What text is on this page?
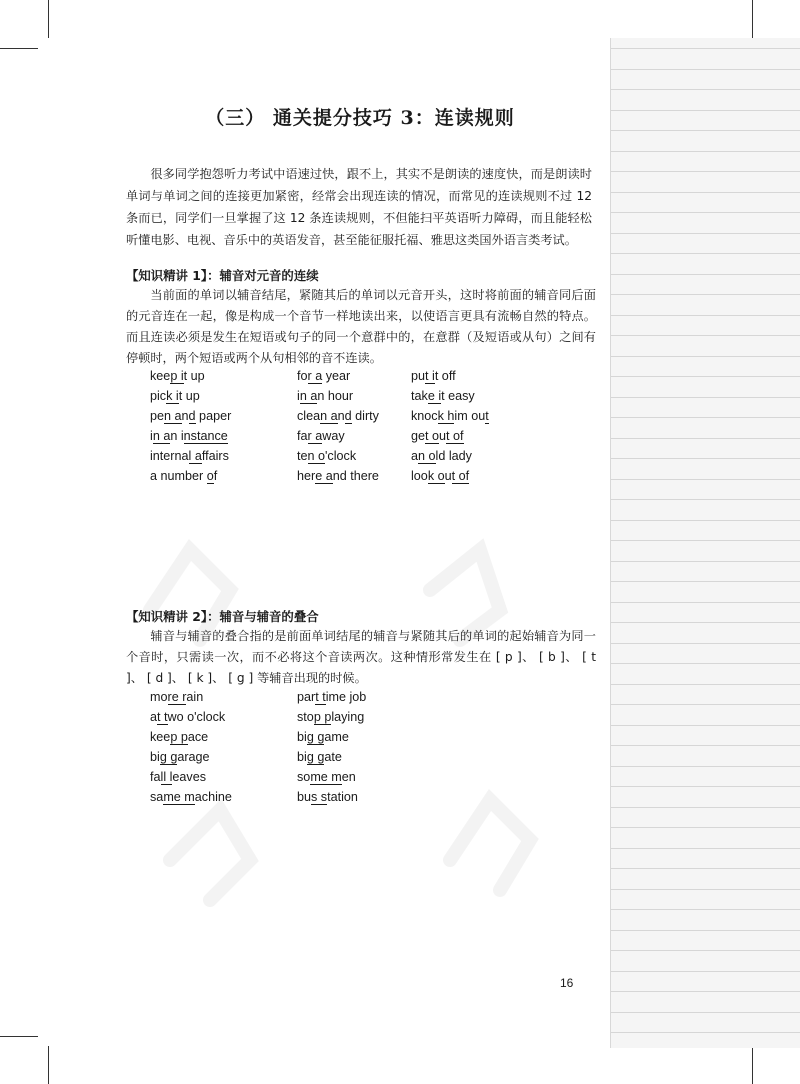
（三） 通关提分技巧 3：连读规则
很多同学抱怨听力考试中语速过快，跟不上，其实不是朗读的速度快，而是朗读时单词与单词之间的连接更加紧密，经常会出现连读的情况，而常见的连读规则不过 12 条而已，同学们一旦掌握了这 12 条连读规则，不但能扫平英语听力障碍，而且能轻松听懂电影、电视、音乐中的英语发音，甚至能征服托福、雅思这类国外语言类考试。
【知识精讲 1】：辅音对元音的连续
当前面的单词以辅音结尾，紧随其后的单词以元音开头，这时将前面的辅音同后面的元音连在一起，像是构成一个音节一样地读出来，以使语言更具有流畅自然的特点。而且连读必须是发生在短语或句子的同一个意群中的，在意群（及短语或从句）之间有停顿时，两个短语或两个从句相邻的音不连读。
keep it up
pick it up
pen and paper
in an instance
internal affairs
a number of
for a year
in an hour
clean and dirty
far away
ten o'clock
here and there
put it off
take it easy
knock him out
get out of
an old lady
look out of
【知识精讲 2】：辅音与辅音的叠合
辅音与辅音的叠合指的是前面单词结尾的辅音与紧随其后的单词的起始辅音为同一个音时，只需读一次，而不必将这个音读两次。这种情形常发生在 [ p ]、 [ b ]、 [ t ]、 [ d ]、 [ k ]、 [ g ] 等辅音出现的时候。
more rain
at two o'clock
keep pace
big garage
fall leaves
same machine
part time job
stop playing
big game
big gate
some men
bus station
16
